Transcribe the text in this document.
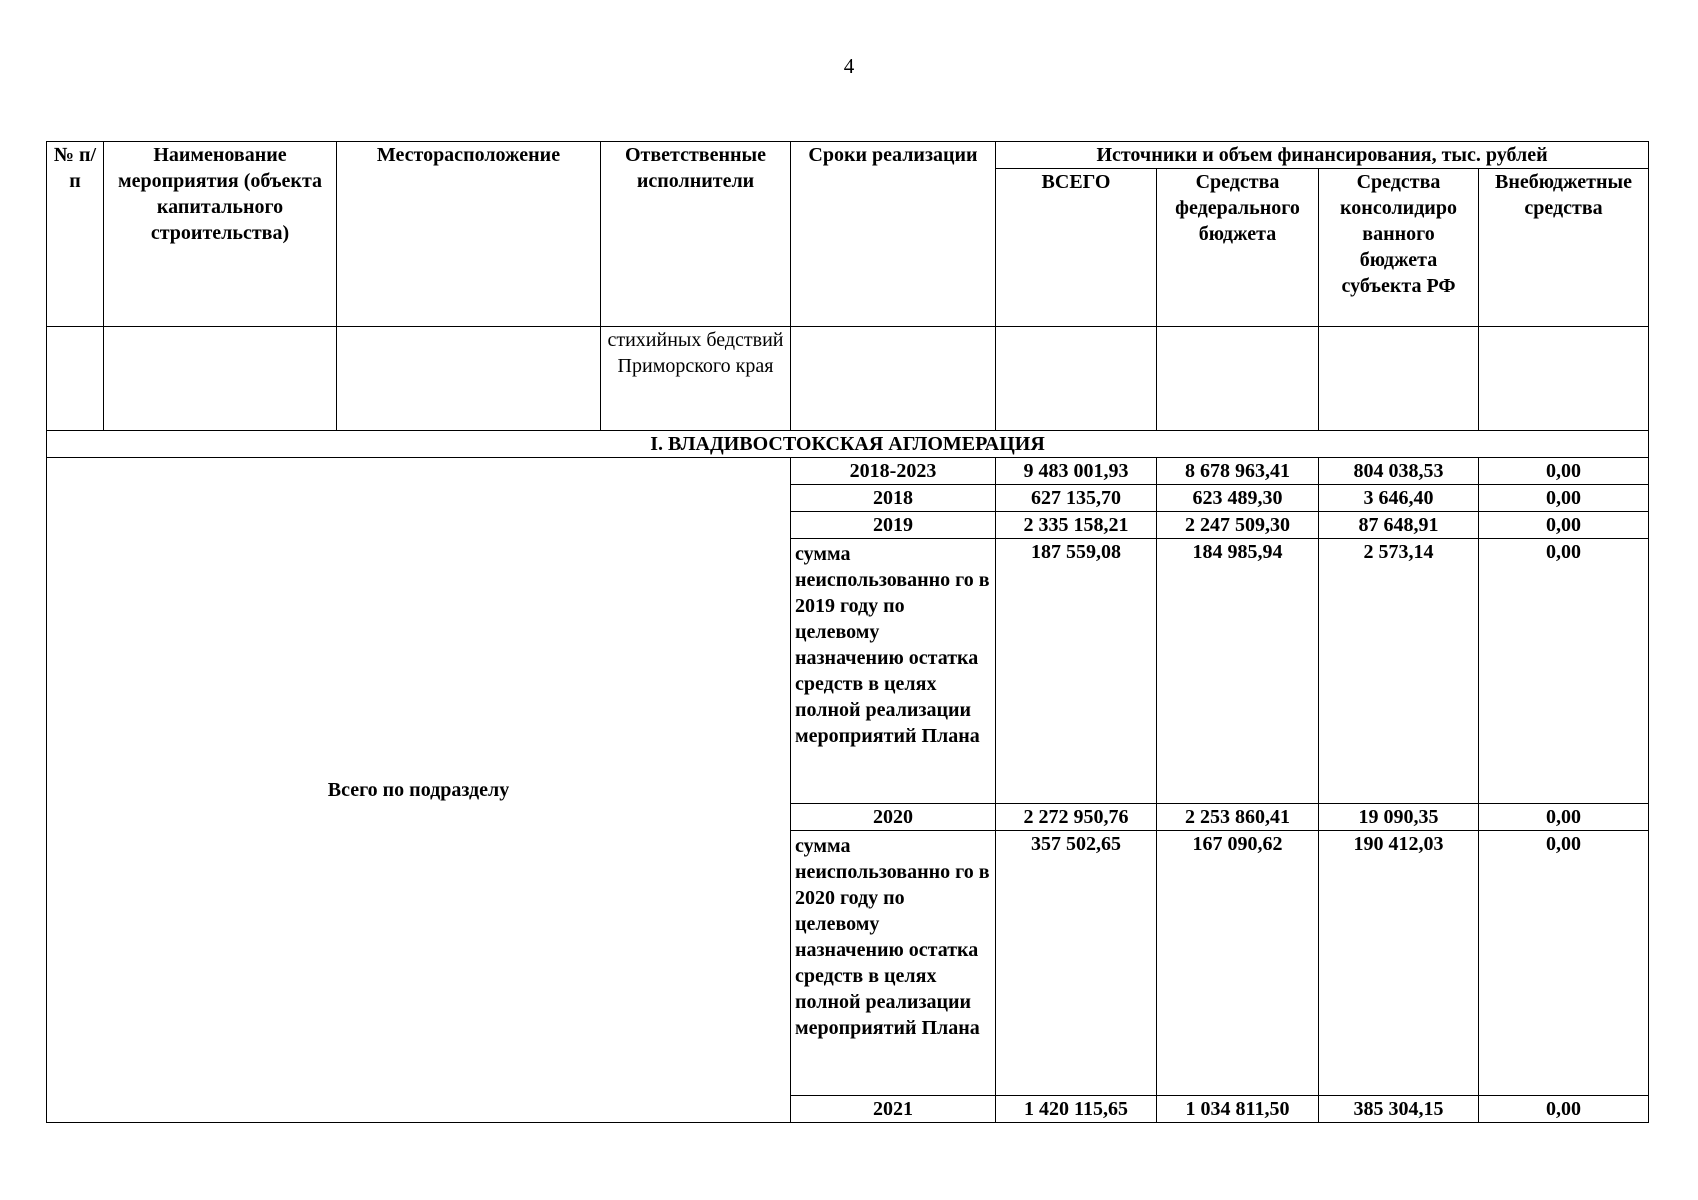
4
№ п/п	Наименование мероприятия (объекта капитального строительства)	Месторасположение	Ответственные исполнители	Сроки реализации	Источники и объем финансирования, тыс. рублей			
					ВСЕГО	Средства федерального бюджета	Средства консолидиро ванного бюджета субъекта РФ	Внебюджетные средства
			стихийных бедствий Приморского края					
I. ВЛАДИВОСТОКСКАЯ АГЛОМЕРАЦИЯ								
Всего по подразделу				2018-2023	9 483 001,93	8 678 963,41	804 038,53	0,00
				2018	627 135,70	623 489,30	3 646,40	0,00
				2019	2 335 158,21	2 247 509,30	87 648,91	0,00
				сумма неиспользованно го в 2019 году по целевому назначению остатка средств в целях полной реализации мероприятий Плана	187 559,08	184 985,94	2 573,14	0,00
				2020	2 272 950,76	2 253 860,41	19 090,35	0,00
				сумма неиспользованно го в 2020 году по целевому назначению остатка средств в целях полной реализации мероприятий Плана	357 502,65	167 090,62	190 412,03	0,00
				2021	1 420 115,65	1 034 811,50	385 304,15	0,00
